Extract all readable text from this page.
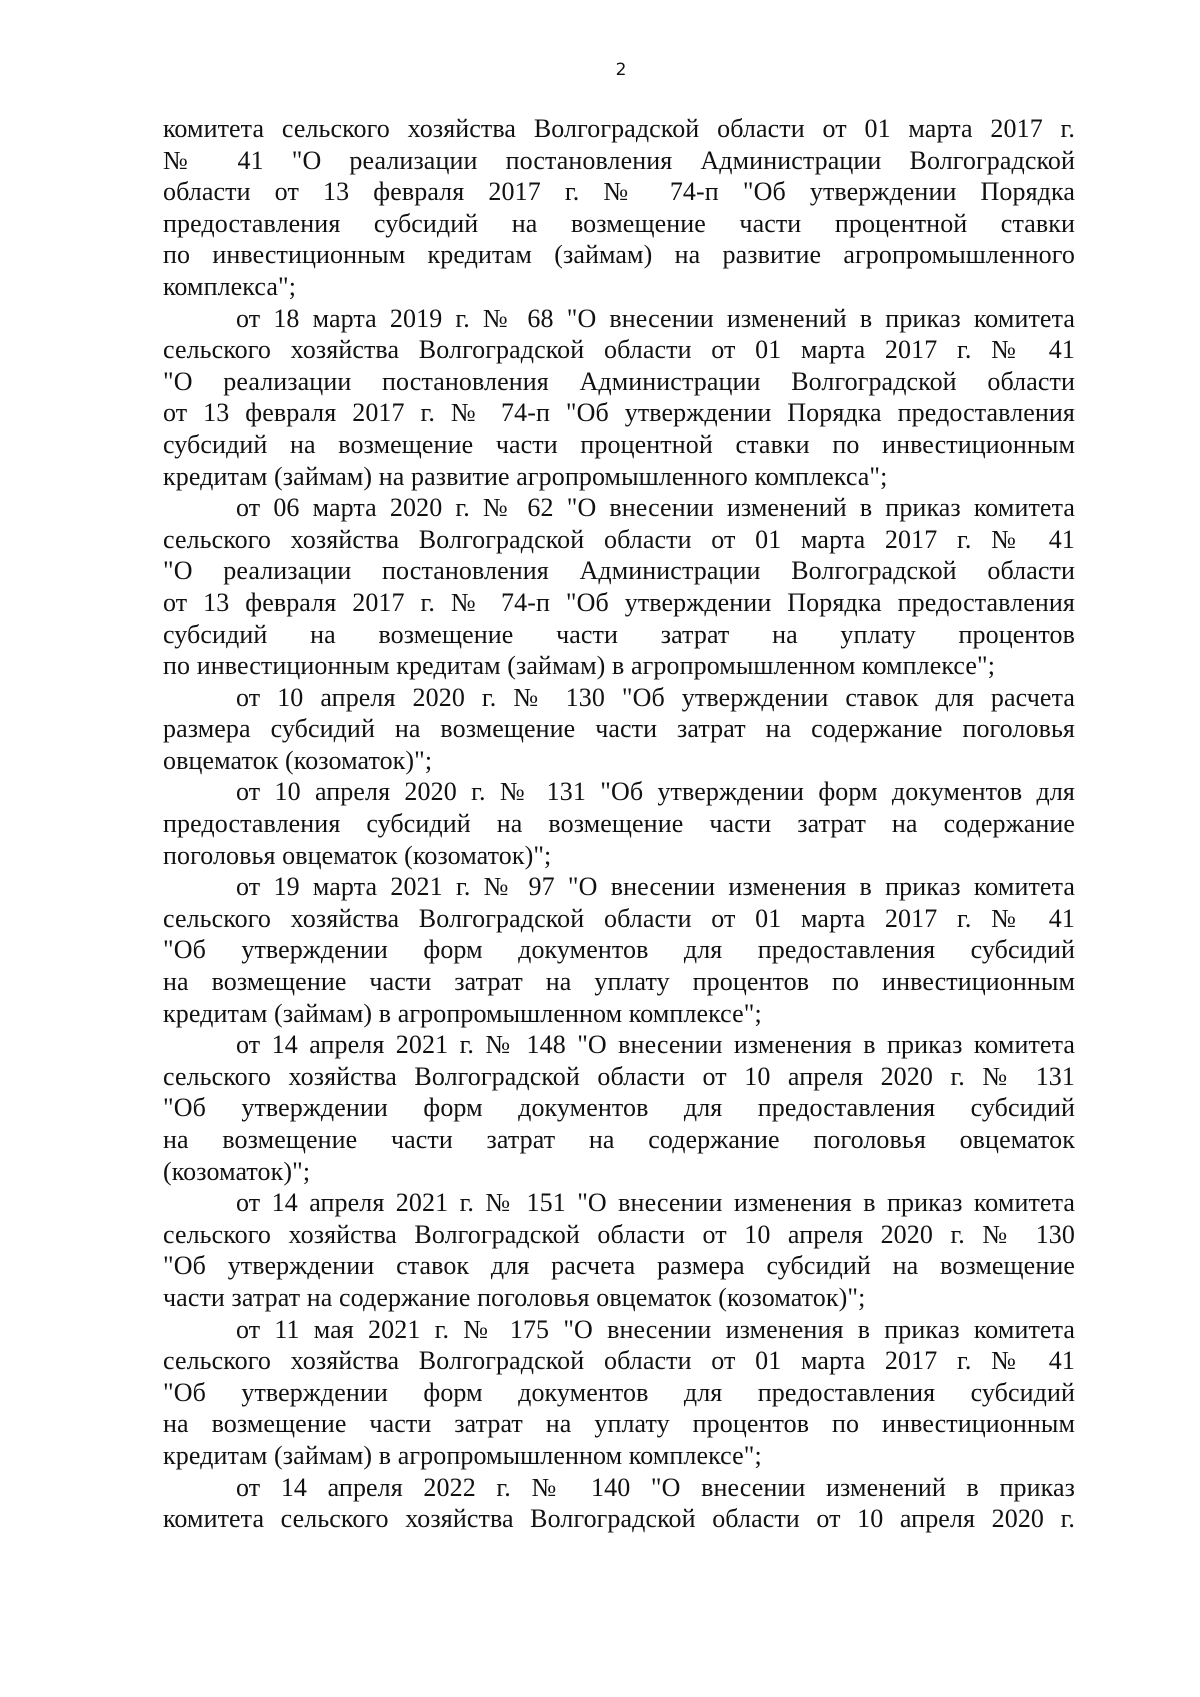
2
комитета сельского хозяйства Волгоградской области от 01 марта 2017 г.
№ 41 "О реализации постановления Администрации Волгоградской
области от 13 февраля 2017 г. № 74-п "Об утверждении Порядка
предоставления субсидий на возмещение части процентной ставки
по инвестиционным кредитам (займам) на развитие агропромышленного
комплекса";
от 18 марта 2019 г. № 68 "О внесении изменений в приказ комитета
сельского хозяйства Волгоградской области от 01 марта 2017 г. № 41
"О реализации постановления Администрации Волгоградской области
от 13 февраля 2017 г. № 74-п "Об утверждении Порядка предоставления
субсидий на возмещение части процентной ставки по инвестиционным
кредитам (займам) на развитие агропромышленного комплекса";
от 06 марта 2020 г. № 62 "О внесении изменений в приказ комитета
сельского хозяйства Волгоградской области от 01 марта 2017 г. № 41
"О реализации постановления Администрации Волгоградской области
от 13 февраля 2017 г. № 74-п "Об утверждении Порядка предоставления
субсидий на возмещение части затрат на уплату процентов
по инвестиционным кредитам (займам) в агропромышленном комплексе";
от 10 апреля 2020 г. № 130 "Об утверждении ставок для расчета
размера субсидий на возмещение части затрат на содержание поголовья
овцематок (козоматок)";
от 10 апреля 2020 г. № 131 "Об утверждении форм документов для
предоставления субсидий на возмещение части затрат на содержание
поголовья овцематок (козоматок)";
от 19 марта 2021 г. № 97 "О внесении изменения в приказ комитета
сельского хозяйства Волгоградской области от 01 марта 2017 г. № 41
"Об утверждении форм документов для предоставления субсидий
на возмещение части затрат на уплату процентов по инвестиционным
кредитам (займам) в агропромышленном комплексе";
от 14 апреля 2021 г. № 148 "О внесении изменения в приказ комитета
сельского хозяйства Волгоградской области от 10 апреля 2020 г. № 131
"Об утверждении форм документов для предоставления субсидий
на возмещение части затрат на содержание поголовья овцематок
(козоматок)";
от 14 апреля 2021 г. № 151 "О внесении изменения в приказ комитета
сельского хозяйства Волгоградской области от 10 апреля 2020 г. № 130
"Об утверждении ставок для расчета размера субсидий на возмещение
части затрат на содержание поголовья овцематок (козоматок)";
от 11 мая 2021 г. № 175 "О внесении изменения в приказ комитета
сельского хозяйства Волгоградской области от 01 марта 2017 г. № 41
"Об утверждении форм документов для предоставления субсидий
на возмещение части затрат на уплату процентов по инвестиционным
кредитам (займам) в агропромышленном комплексе";
от 14 апреля 2022 г. № 140 "О внесении изменений в приказ
комитета сельского хозяйства Волгоградской области от 10 апреля 2020 г.
